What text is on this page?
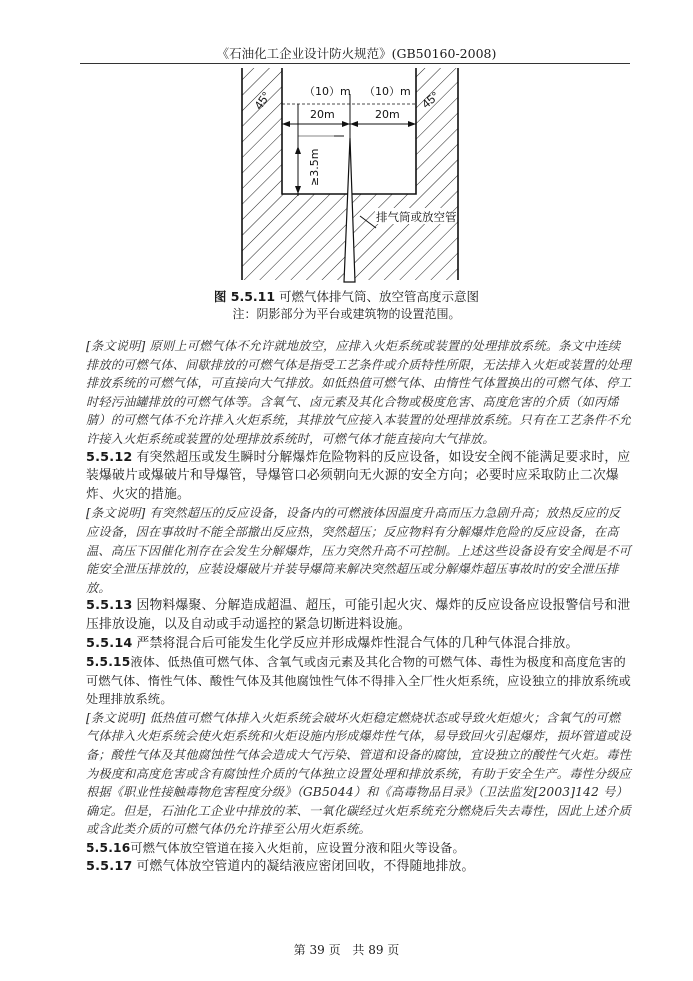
《石油化工企业设计防火规范》(GB50160-2008)
45°	45°
（10）m （10）m
20m	20m
≥3.5m
排气筒或放空管
图 5.5.11 可燃气体排气筒、放空管高度示意图
注：阴影部分为平台或建筑物的设置范围。

[条文说明] 原则上可燃气体不允许就地放空，应排入火炬系统或装置的处理排放系统。条文中连续排放的可燃气体、间歇排放的可燃气体是指受工艺条件或介质特性所限，无法排入火炬或装置的处理排放系统的可燃气体，可直接向大气排放。如低热值可燃气体、由惰性气体置换出的可燃气体、停工时轻污油罐排放的可燃气体等。含氧气、卤元素及其化合物或极度危害、高度危害的介质（如丙烯腈）的可燃气体不允许排入火炬系统，其排放气应接入本装置的处理排放系统。只有在工艺条件不允许接入火炬系统或装置的处理排放系统时，可燃气体才能直接向大气排放。

5.5.12 有突然超压或发生瞬时分解爆炸危险物料的反应设备，如设安全阀不能满足要求时，应装爆破片或爆破片和导爆管，导爆管口必须朝向无火源的安全方向；必要时应采取防止二次爆炸、火灾的措施。

[条文说明] 有突然超压的反应设备，设备内的可燃液体因温度升高而压力急剧升高；放热反应的反应设备，因在事故时不能全部撤出反应热，突然超压；反应物料有分解爆炸危险的反应设备，在高温、高压下因催化剂存在会发生分解爆炸，压力突然升高不可控制。上述这些设备设有安全阀是不可能安全泄压排放的，应装设爆破片并装导爆筒来解决突然超压或分解爆炸超压事故时的安全泄压排放。

5.5.13 因物料爆聚、分解造成超温、超压，可能引起火灾、爆炸的反应设备应设报警信号和泄压排放设施，以及自动或手动遥控的紧急切断进料设施。

5.5.14 严禁将混合后可能发生化学反应并形成爆炸性混合气体的几种气体混合排放。

5.5.15液体、低热值可燃气体、含氧气或卤元素及其化合物的可燃气体、毒性为极度和高度危害的可燃气体、惰性气体、酸性气体及其他腐蚀性气体不得排入全厂性火炬系统，应设独立的排放系统或处理排放系统。

[条文说明] 低热值可燃气体排入火炬系统会破坏火炬稳定燃烧状态或导致火炬熄火；含氧气的可燃气体排入火炬系统会使火炬系统和火炬设施内形成爆炸性气体，易导致回火引起爆炸，损坏管道或设备；酸性气体及其他腐蚀性气体会造成大气污染、管道和设备的腐蚀，宜设独立的酸性气火炬。毒性为极度和高度危害或含有腐蚀性介质的气体独立设置处理和排放系统，有助于安全生产。毒性分级应根据《职业性接触毒物危害程度分级》（GB5044）和《高毒物品目录》（卫法监发[2003]142 号）确定。但是，石油化工企业中排放的苯、一氧化碳经过火炬系统充分燃烧后失去毒性，因此上述介质或含此类介质的可燃气体仍允许排至公用火炬系统。

5.5.16可燃气体放空管道在接入火炬前，应设置分液和阻火等设备。

5.5.17 可燃气体放空管道内的凝结液应密闭回收，不得随地排放。

第 39 页 共 89 页
